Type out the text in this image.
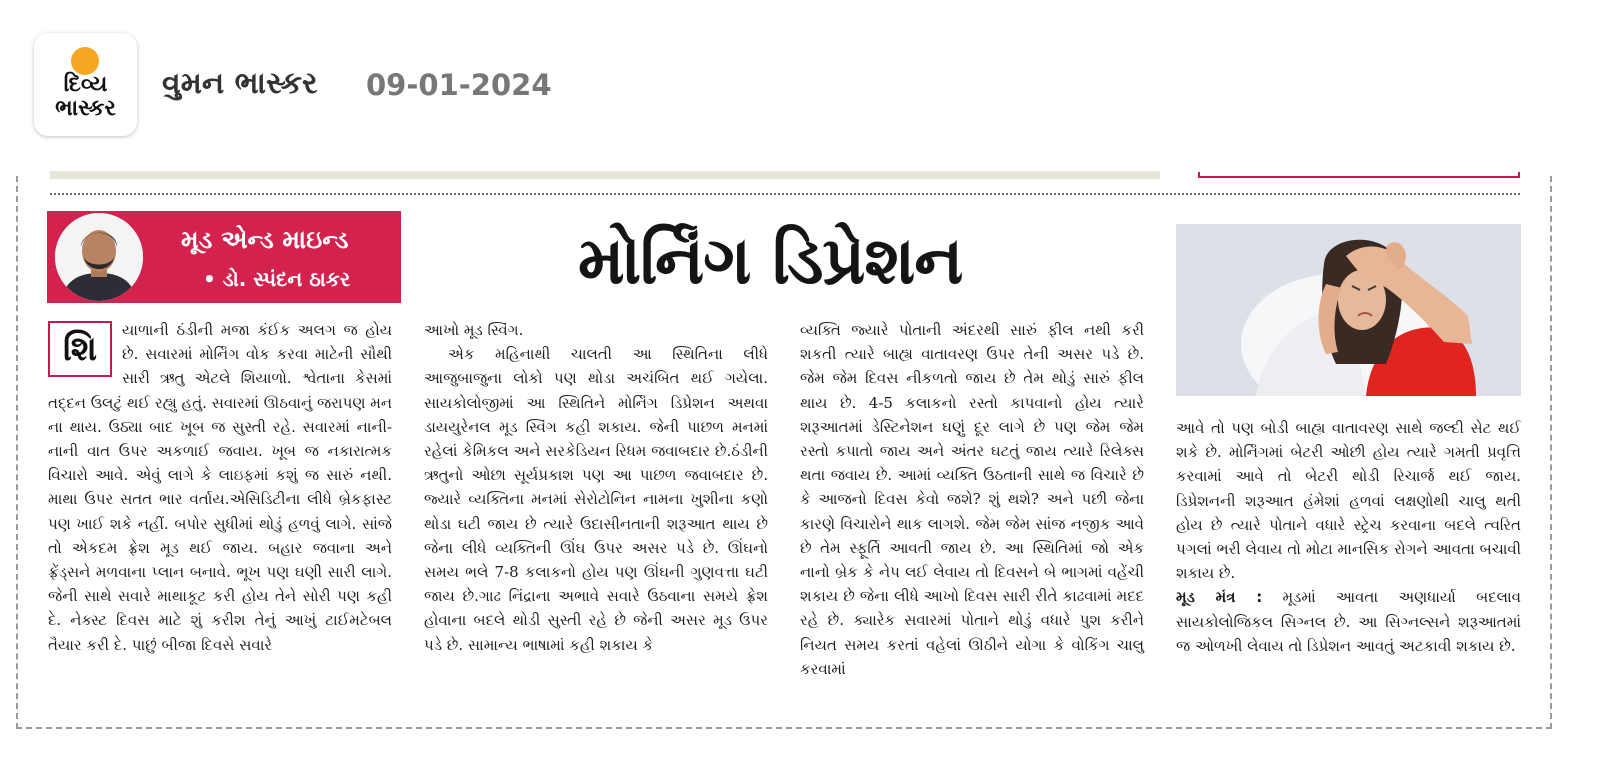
દિવ્ય
ભાસ્કર
વુમન ભાસ્કર 09-01-2024
મૂડ એન્ડ માઇન્ડ
• ડો. સ્પંદન ઠાકર	મોર્નિંગ ડિપ્રેશન
શિ	યાળાની ઠંડીની મજા કંઈક અલગ જ હોય છે. સવારમાં મોર્નિંગ વોક કરવા માટેની સૌથી સારી ઋતુ એટલે શિયાળો. શ્વેતાના કેસમાં તદ્દન ઉલટું થઈ રહ્યુ હતું. સવારમાં ઊઠવાનું જરાપણ મન ના થાય. ઉઠ્યા બાદ ખૂબ જ સુસ્તી રહે. સવારમાં નાની-નાની વાત ઉપર અકળાઈ જવાય. ખૂબ જ નકારાત્મક વિચારો આવે. એવું લાગે કે લાઇફમાં કશું જ સારું નથી. માથા ઉપર સતત ભાર વર્તાય.એસિડિટીના લીધે બ્રેકફાસ્ટ પણ ખાઈ શકે નહીં. બપોર સુધીમાં થોડું હળવું લાગે. સાંજે તો એકદમ ફ્રેશ મૂડ થઈ જાય. બહાર જવાના અને ફ્રેંડ્સને મળવાના પ્લાન બનાવે. ભૂખ પણ ઘણી સારી લાગે. જેની સાથે સવારે માથાકૂટ કરી હોય તેને સોરી પણ કહી દે. નેક્સ્ટ દિવસ માટે શું કરીશ તેનું આખું ટાઈમટેબલ તૈયાર કરી દે. પાછું બીજા દિવસે સવારે

આખો મૂડ સ્વિંગ.

એક મહિનાથી ચાલતી આ સ્થિતિના લીધે આજુબાજુના લોકો પણ થોડા અચંબિત થઈ ગયેલા. સાયકોલોજીમાં આ સ્થિતિને મોર્નિંગ ડિપ્રેશન અથવા ડાયયુરેનલ મૂડ સ્વિંગ કહી શકાય. જેની પાછળ મનમાં રહેલાં કેમિકલ અને સરકેડિયન રિધમ જવાબદાર છે.ઠંડીની ઋતુનો ઓછા સૂર્યપ્રકાશ પણ આ પાછળ જવાબદાર છે. જ્યારે વ્યક્તિના મનમાં સેરોટોનિન નામના ખુશીના કણો થોડા ઘટી જાય છે ત્યારે ઉદાસીનતાની શરૂઆત થાય છે જેના લીધે વ્યક્તિની ઊંઘ ઉપર અસર પડે છે. ઊંઘનો સમય ભલે 7-8 કલાકનો હોય પણ ઊંઘની ગુણવત્તા ઘટી જાય છે.ગાઢ નિંદ્રાના અભાવે સવારે ઉઠવાના સમયે ફ્રેશ હોવાના બદલે થોડી સુસ્તી રહે છે જેની અસર મૂડ ઉપર પડે છે. સામાન્ય ભાષામાં કહી શકાય કે

વ્યક્તિ જ્યારે પોતાની અંદરથી સારું ફીલ નથી કરી શકતી ત્યારે બાહ્ય વાતાવરણ ઉપર તેની અસર પડે છે. જેમ જેમ દિવસ નીકળતો જાય છે તેમ થોડું સારું ફીલ થાય છે. 4-5 કલાકનો રસ્તો કાપવાનો હોય ત્યારે શરૂઆતમાં ડેસ્ટિનેશન ઘણું દૂર લાગે છે પણ જેમ જેમ રસ્તો કપાતો જાય અને અંતર ઘટતું જાય ત્યારે રિલેક્સ થતા જવાય છે. આમાં વ્યક્તિ ઉઠતાની સાથે જ વિચારે છે કે આજનો દિવસ કેવો જશે? શું થશે? અને પછી જેના કારણે વિચારોને થાક લાગશે. જેમ જેમ સાંજ નજીક આવે છે તેમ સ્ફૂર્તિ આવતી જાય છે. આ સ્થિતિમાં જો એક નાનો બ્રેક કે નેપ લઈ લેવાય તો દિવસને બે ભાગમાં વહેંચી શકાય છે જેના લીધે આખો દિવસ સારી રીતે કાઢવામાં મદદ રહે છે. ક્યારેક સવારમાં પોતાને થોડું વધારે પુશ કરીને નિયત સમય કરતાં વહેલાં ઊઠીને યોગા કે વોકિંગ ચાલુ કરવામાં

આવે તો પણ બોડી બાહ્ય વાતાવરણ સાથે જલ્દી સેટ થઈ શકે છે. મોર્નિંગમાં બેટરી ઓછી હોય ત્યારે ગમતી પ્રવૃત્તિ કરવામાં આવે તો બેટરી થોડી રિચાર્જ થઈ જાય. ડિપ્રેશનની શરૂઆત હંમેશાં હળવાં લક્ષણોથી ચાલુ થતી હોય છે ત્યારે પોતાને વધારે સ્ટ્રેચ કરવાના બદલે ત્વરિત પગલાં ભરી લેવાય તો મોટા માનસિક રોગને આવતા બચાવી શકાય છે.

મૂડ મંત્ર : મૂડમાં આવતા અણધાર્યા બદલાવ સાયકોલોજિકલ સિગ્નલ છે. આ સિગ્નલ્સને શરૂઆતમાં જ ઓળખી લેવાય તો ડિપ્રેશન આવતું અટકાવી શકાય છે.
